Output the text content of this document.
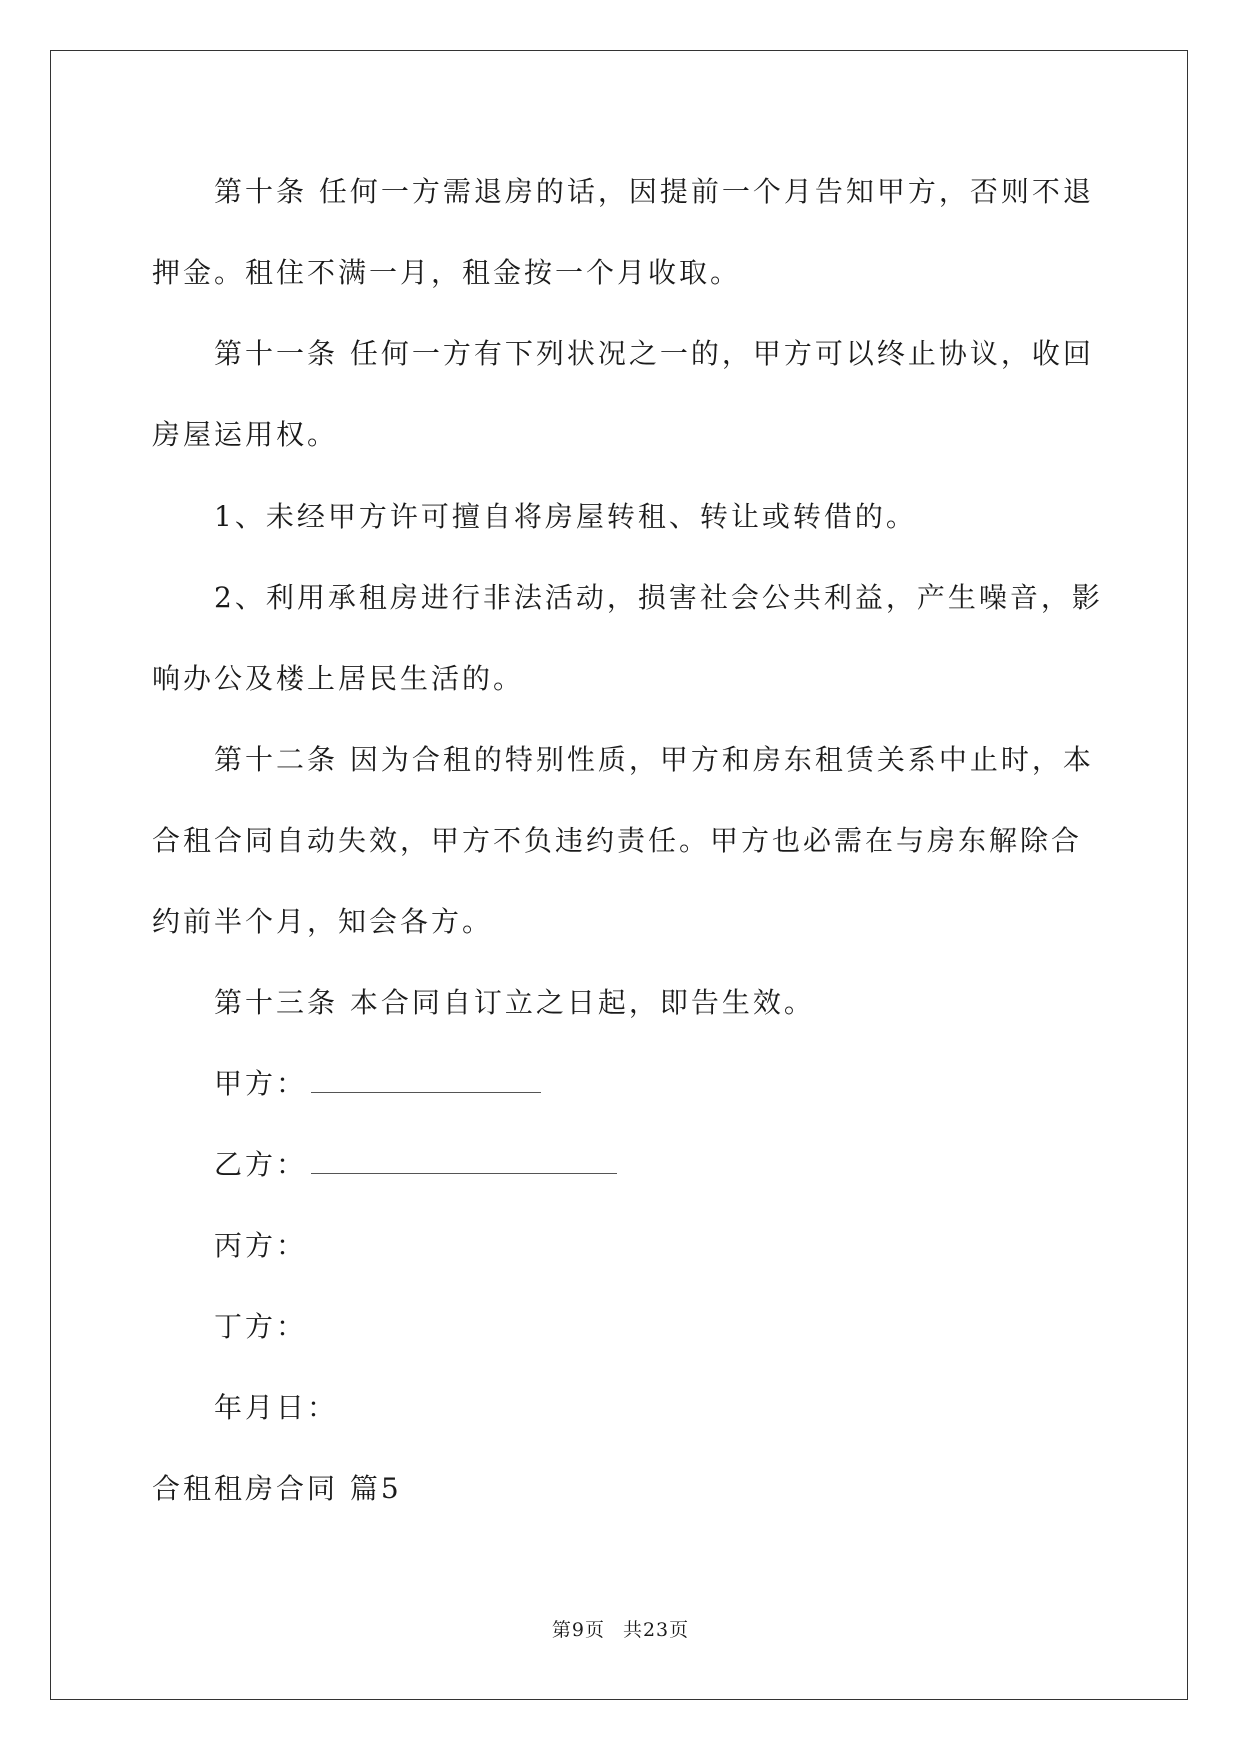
第十条 任何一方需退房的话，因提前一个月告知甲方，否则不退
押金。租住不满一月，租金按一个月收取。
第十一条 任何一方有下列状况之一的，甲方可以终止协议，收回
房屋运用权。
1、未经甲方许可擅自将房屋转租、转让或转借的。
2、利用承租房进行非法活动，损害社会公共利益，产生噪音，影
响办公及楼上居民生活的。
第十二条 因为合租的特别性质，甲方和房东租赁关系中止时，本
合租合同自动失效，甲方不负违约责任。甲方也必需在与房东解除合
约前半个月，知会各方。
第十三条 本合同自订立之日起，即告生效。
甲方：
乙方：
丙方：
丁方：
年月日：
合租租房合同 篇5
第9页 共23页
